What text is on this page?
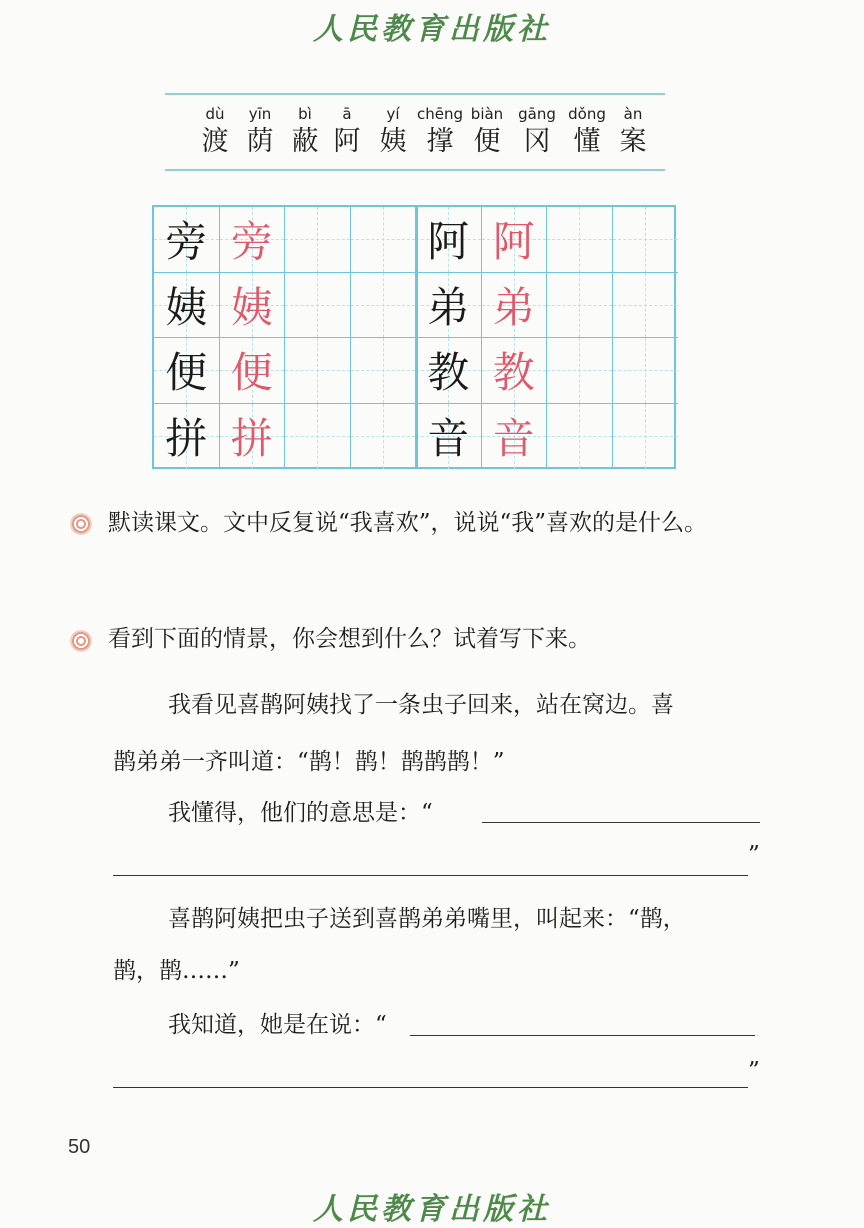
人民教育出版社
dù
渡
yīn
荫
bì
蔽
ā
阿
yí
姨
chēng
撑
biàn
便
gāng
冈
dǒng
懂
àn
案
旁 旁	阿 阿
姨 姨	弟 弟
便 便	教 教
拼 拼	音 音
默读课文。文中反复说“我喜欢”，说说“我”喜欢的是什么。
看到下面的情景，你会想到什么？试着写下来。
我看见喜鹊阿姨找了一条虫子回来，站在窝边。喜
鹊弟弟一齐叫道：“鹊！鹊！鹊鹊鹊！”
我懂得，他们的意思是：“
”
喜鹊阿姨把虫子送到喜鹊弟弟嘴里，叫起来：“鹊，
鹊，鹊……”
我知道，她是在说：“
”
50
人民教育出版社
